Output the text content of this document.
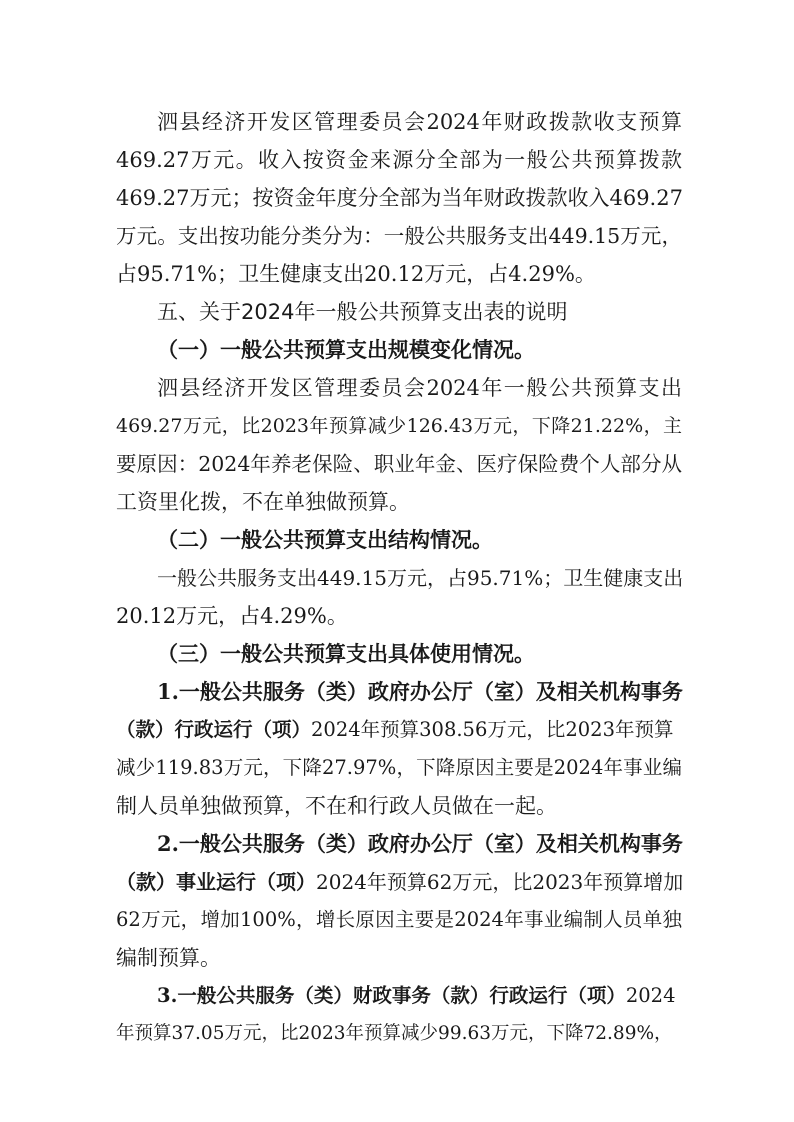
泗县经济开发区管理委员会2024年财政拨款收支预算
469.27万元。收入按资金来源分全部为一般公共预算拨款
469.27万元；按资金年度分全部为当年财政拨款收入469.27
万元。支出按功能分类分为：一般公共服务支出449.15万元，
占95.71%；卫生健康支出20.12万元，占4.29%。
五、关于2024年一般公共预算支出表的说明
（一）一般公共预算支出规模变化情况。
泗县经济开发区管理委员会2024年一般公共预算支出
469.27万元，比2023年预算减少126.43万元，下降21.22%，主
要原因：2024年养老保险、职业年金、医疗保险费个人部分从
工资里化拨，不在单独做预算。
（二）一般公共预算支出结构情况。
一般公共服务支出449.15万元，占95.71%；卫生健康支出
20.12万元，占4.29%。
（三）一般公共预算支出具体使用情况。
1.一般公共服务（类）政府办公厅（室）及相关机构事务
（款）行政运行（项）2024年预算308.56万元，比2023年预算
减少119.83万元，下降27.97%，下降原因主要是2024年事业编
制人员单独做预算，不在和行政人员做在一起。
2.一般公共服务（类）政府办公厅（室）及相关机构事务
（款）事业运行（项）2024年预算62万元，比2023年预算增加
62万元，增加100%，增长原因主要是2024年事业编制人员单独
编制预算。
3.一般公共服务（类）财政事务（款）行政运行（项）2024
年预算37.05万元，比2023年预算减少99.63万元，下降72.89%，
